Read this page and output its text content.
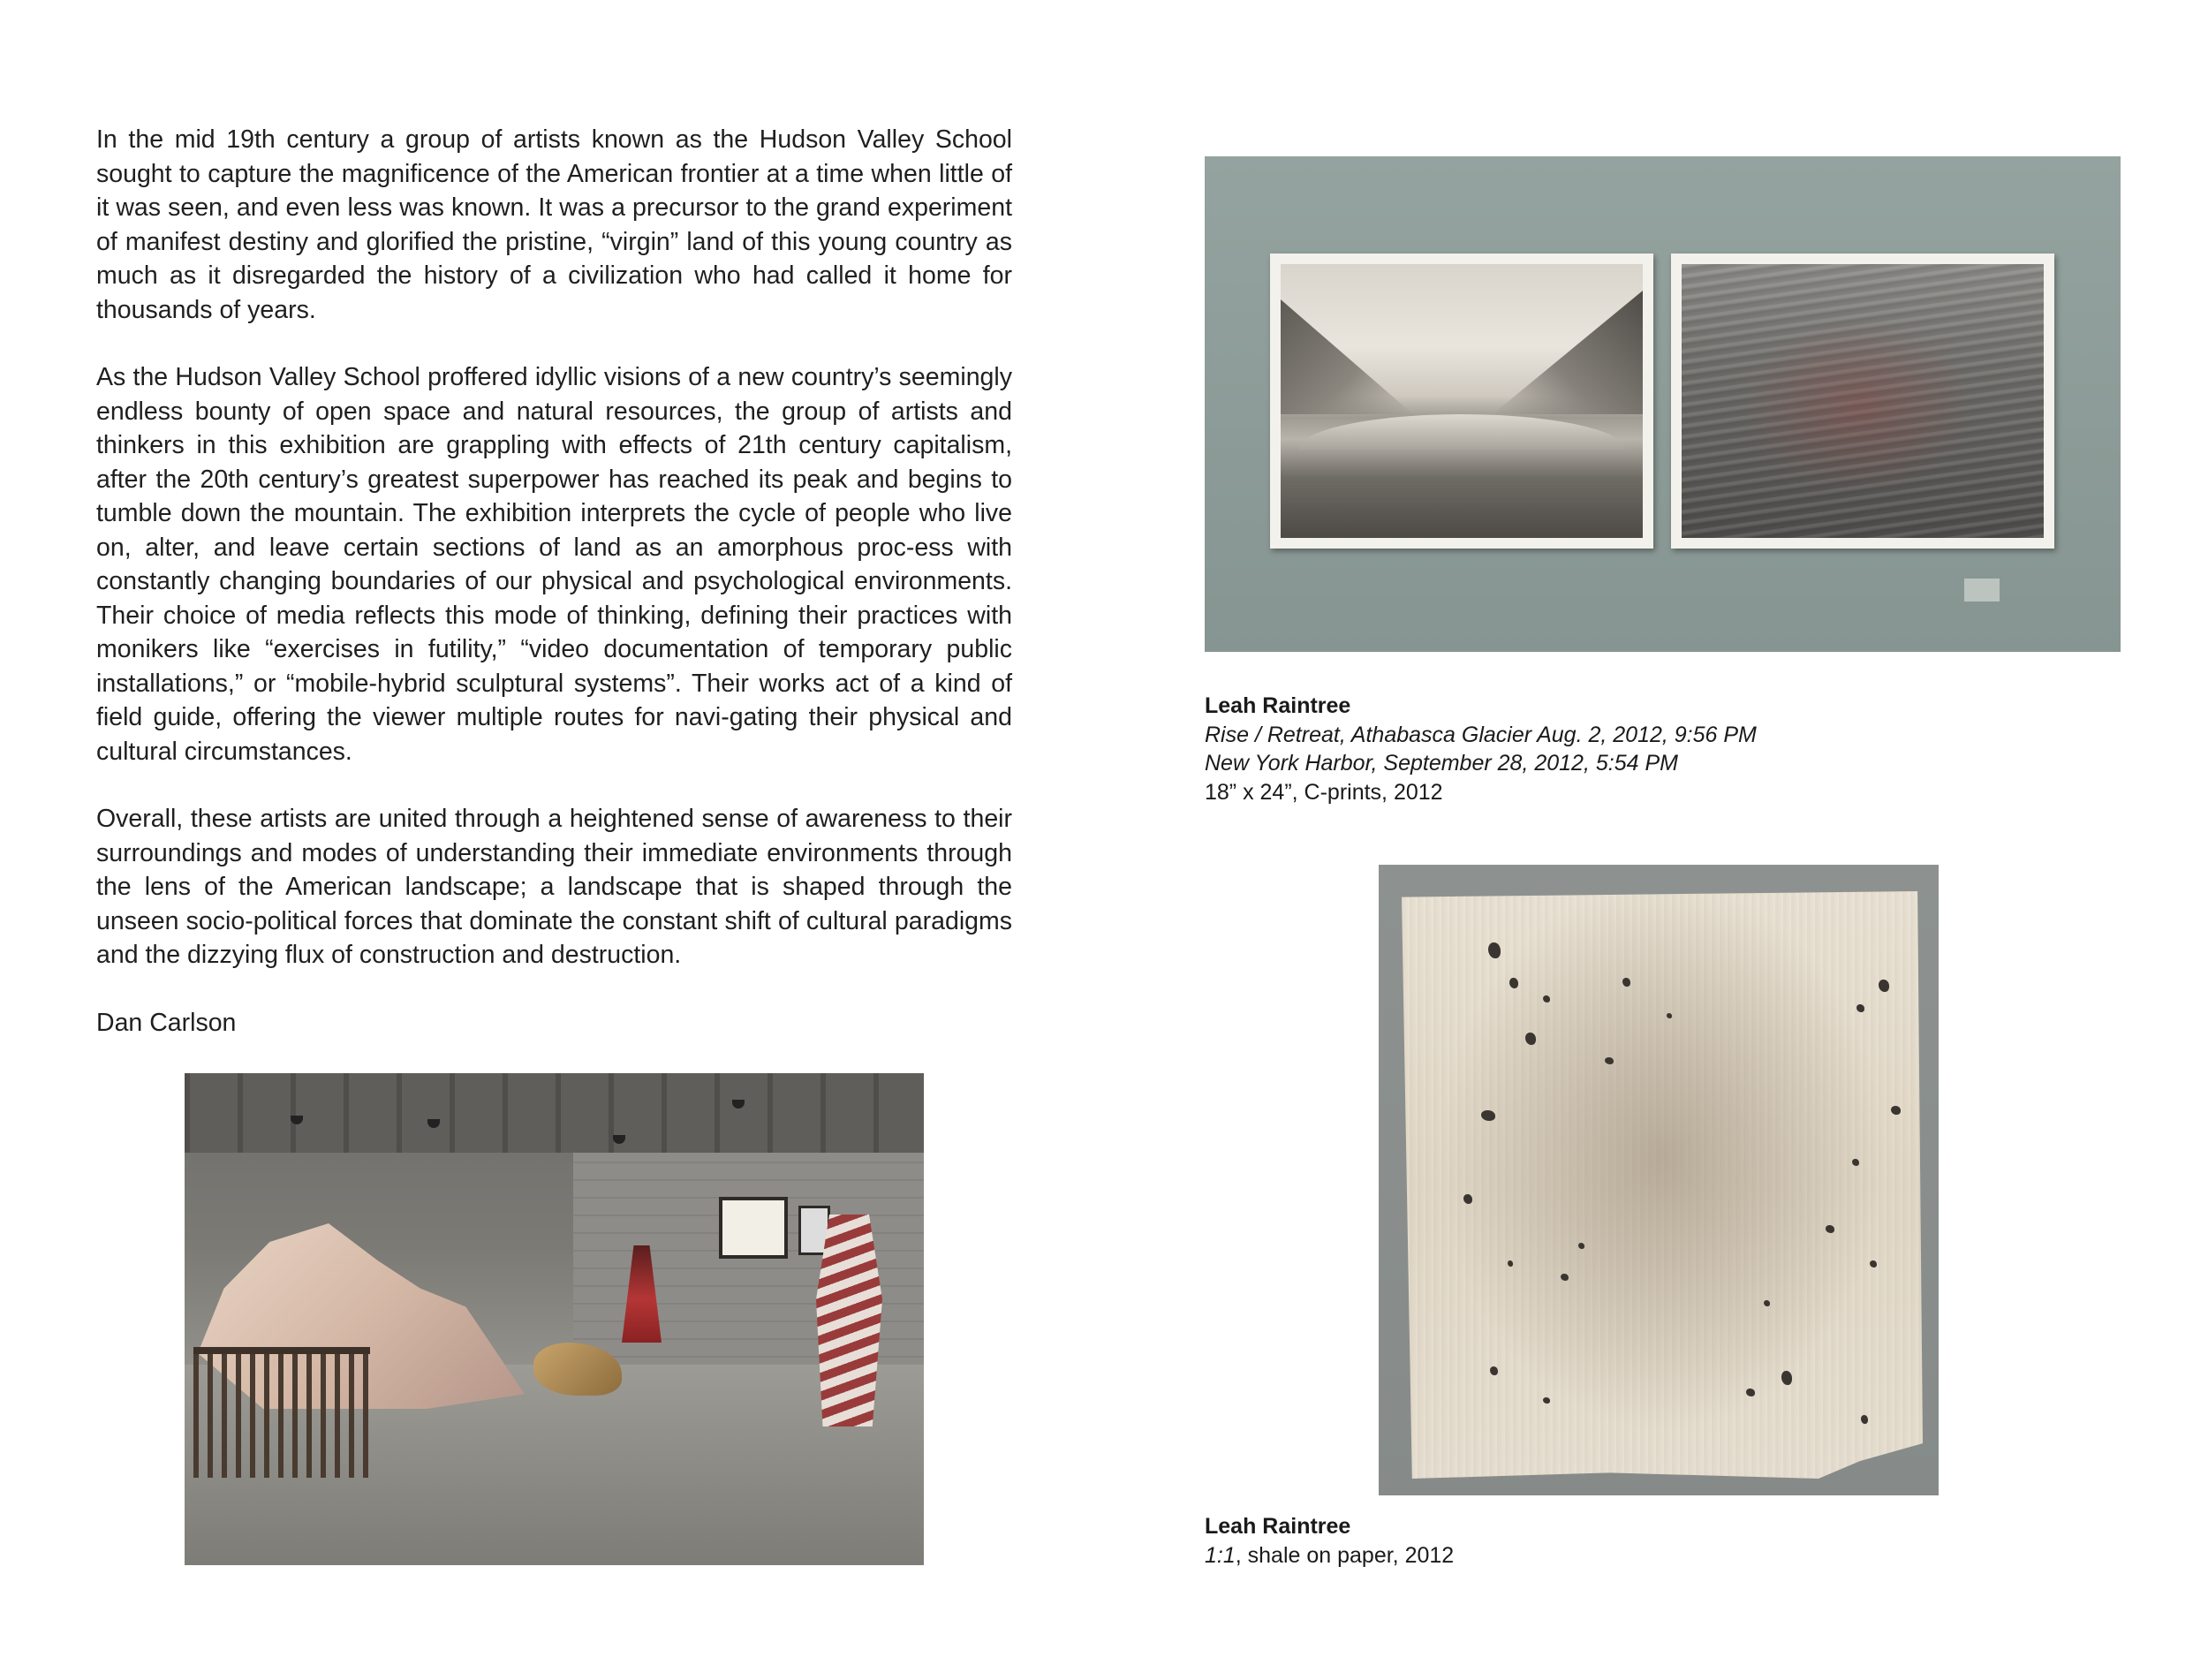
In the mid 19th century a group of artists known as the Hudson Valley School sought to capture the magnificence of the American frontier at a time when little of it was seen, and even less was known. It was a precursor to the grand experiment of manifest destiny and glorified the pristine, “virgin” land of this young country as much as it disregarded the history of a civilization who had called it home for thousands of years.

As the Hudson Valley School proffered idyllic visions of a new country’s seemingly endless bounty of open space and natural resources, the group of artists and thinkers in this exhibition are grappling with effects of 21th century capitalism, after the 20th century’s greatest superpower has reached its peak and begins to tumble down the mountain. The exhibition interprets the cycle of people who live on, alter, and leave certain sections of land as an amorphous proc-ess with constantly changing boundaries of our physical and psychological environments. Their choice of media reflects this mode of thinking, defining their practices with monikers like “exercises in futility,” “video documentation of temporary public installations,” or “mobile-hybrid sculptural systems”. Their works act of a kind of field guide, offering the viewer multiple routes for navi-gating their physical and cultural circumstances.

Overall, these artists are united through a heightened sense of awareness to their surroundings and modes of understanding their immediate environments through the lens of the American landscape; a landscape that is shaped through the unseen socio-political forces that dominate the constant shift of cultural paradigms and the dizzying flux of construction and destruction.

Dan Carlson

Leah Raintree
Rise / Retreat, Athabasca Glacier Aug. 2, 2012, 9:56 PM
New York Harbor, September 28, 2012, 5:54 PM
18” x 24”, C-prints, 2012
Leah Raintree
1:1, shale on paper, 2012
